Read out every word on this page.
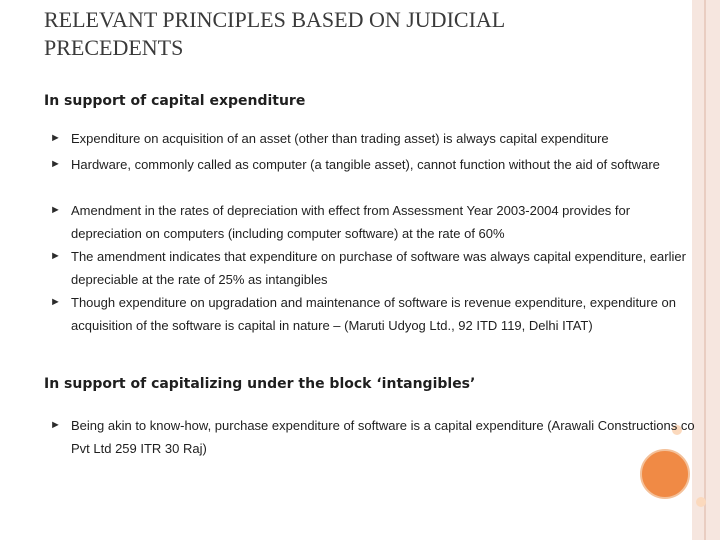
RELEVANT PRINCIPLES BASED ON JUDICIAL
PRECEDENTS
In support of capital expenditure
► Expenditure on acquisition of an asset (other than trading asset) is always capital expenditure
► Hardware, commonly called as computer (a tangible asset), cannot function without the aid of software
► Amendment in the rates of depreciation with effect from Assessment Year 2003-2004 provides for depreciation on computers (including computer software) at the rate of 60%
► The amendment indicates that expenditure on purchase of software was always capital expenditure, earlier depreciable at the rate of 25% as intangibles
► Though expenditure on upgradation and maintenance of software is revenue expenditure, expenditure on acquisition of the software is capital in nature – (Maruti Udyog Ltd., 92 ITD 119, Delhi ITAT)
In support of capitalizing under the block ‘intangibles’
► Being akin to know-how, purchase expenditure of software is a capital expenditure (Arawali Constructions co Pvt Ltd 259 ITR 30 Raj)
